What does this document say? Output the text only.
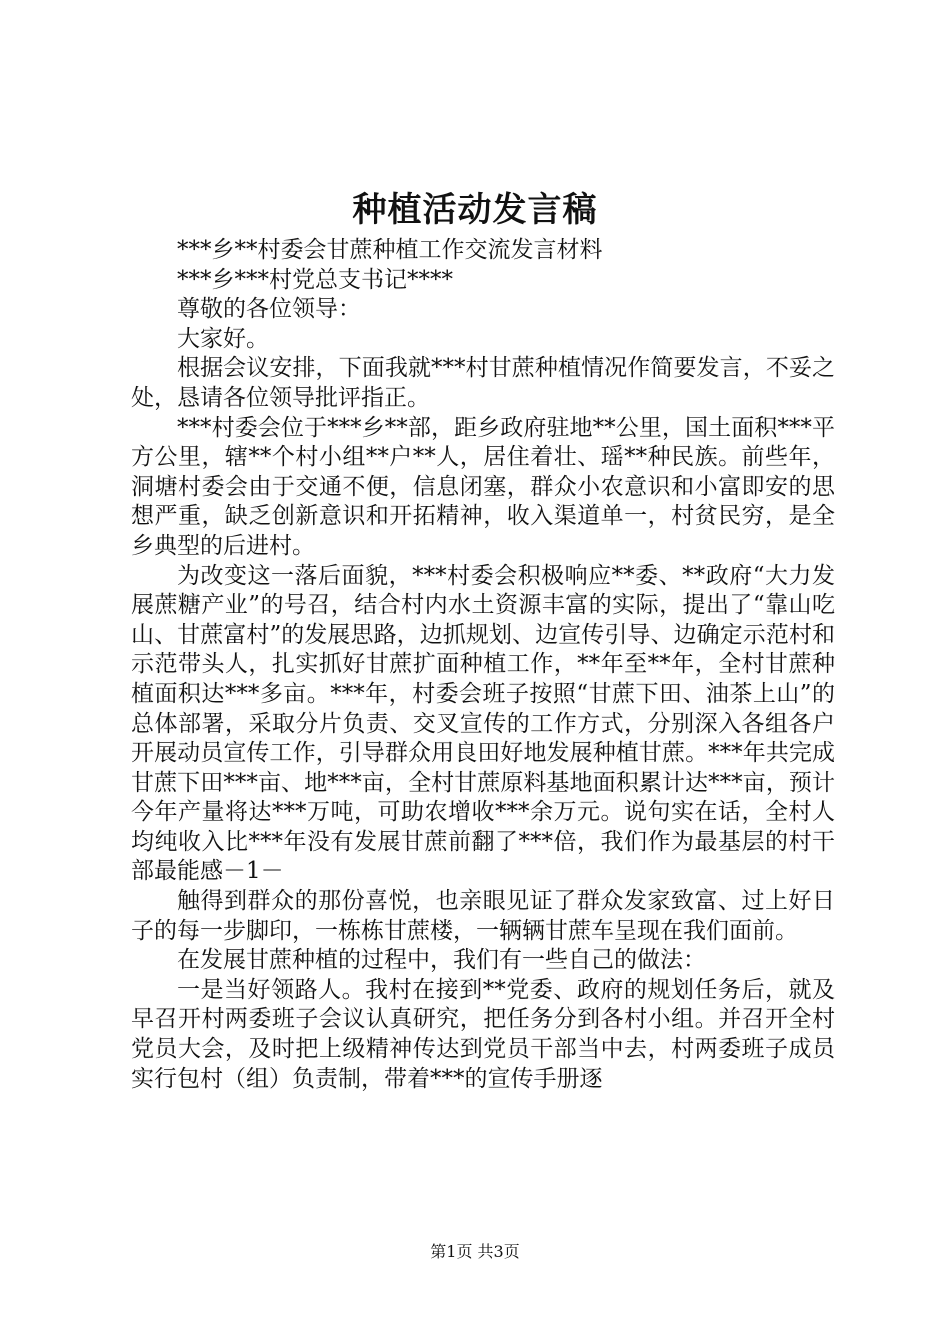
种植活动发言稿

***乡**村委会甘蔗种植工作交流发言材料

***乡***村党总支书记****

尊敬的各位领导：

大家好。

根据会议安排，下面我就***村甘蔗种植情况作简要发言，不妥之处，恳请各位领导批评指正。

***村委会位于***乡**部，距乡政府驻地**公里，国土面积***平方公里，辖**个村小组**户**人，居住着壮、瑶**种民族。前些年，洞塘村委会由于交通不便，信息闭塞，群众小农意识和小富即安的思想严重，缺乏创新意识和开拓精神，收入渠道单一，村贫民穷，是全乡典型的后进村。

为改变这一落后面貌，***村委会积极响应**委、**政府“大力发展蔗糖产业”的号召，结合村内水土资源丰富的实际，提出了“靠山吃山、甘蔗富村”的发展思路，边抓规划、边宣传引导、边确定示范村和示范带头人，扎实抓好甘蔗扩面种植工作，**年至**年，全村甘蔗种植面积达***多亩。***年，村委会班子按照“甘蔗下田、油茶上山”的总体部署，采取分片负责、交叉宣传的工作方式，分别深入各组各户开展动员宣传工作，引导群众用良田好地发展种植甘蔗。***年共完成甘蔗下田***亩、地***亩，全村甘蔗原料基地面积累计达***亩，预计今年产量将达***万吨，可助农增收***余万元。说句实在话，全村人均纯收入比***年没有发展甘蔗前翻了***倍，我们作为最基层的村干部最能感－1－

触得到群众的那份喜悦，也亲眼见证了群众发家致富、过上好日子的每一步脚印，一栋栋甘蔗楼，一辆辆甘蔗车呈现在我们面前。

在发展甘蔗种植的过程中，我们有一些自己的做法：

一是当好领路人。我村在接到**党委、政府的规划任务后，就及早召开村两委班子会议认真研究，把任务分到各村小组。并召开全村党员大会，及时把上级精神传达到党员干部当中去，村两委班子成员实行包村（组）负责制，带着***的宣传手册逐

第1页 共3页
